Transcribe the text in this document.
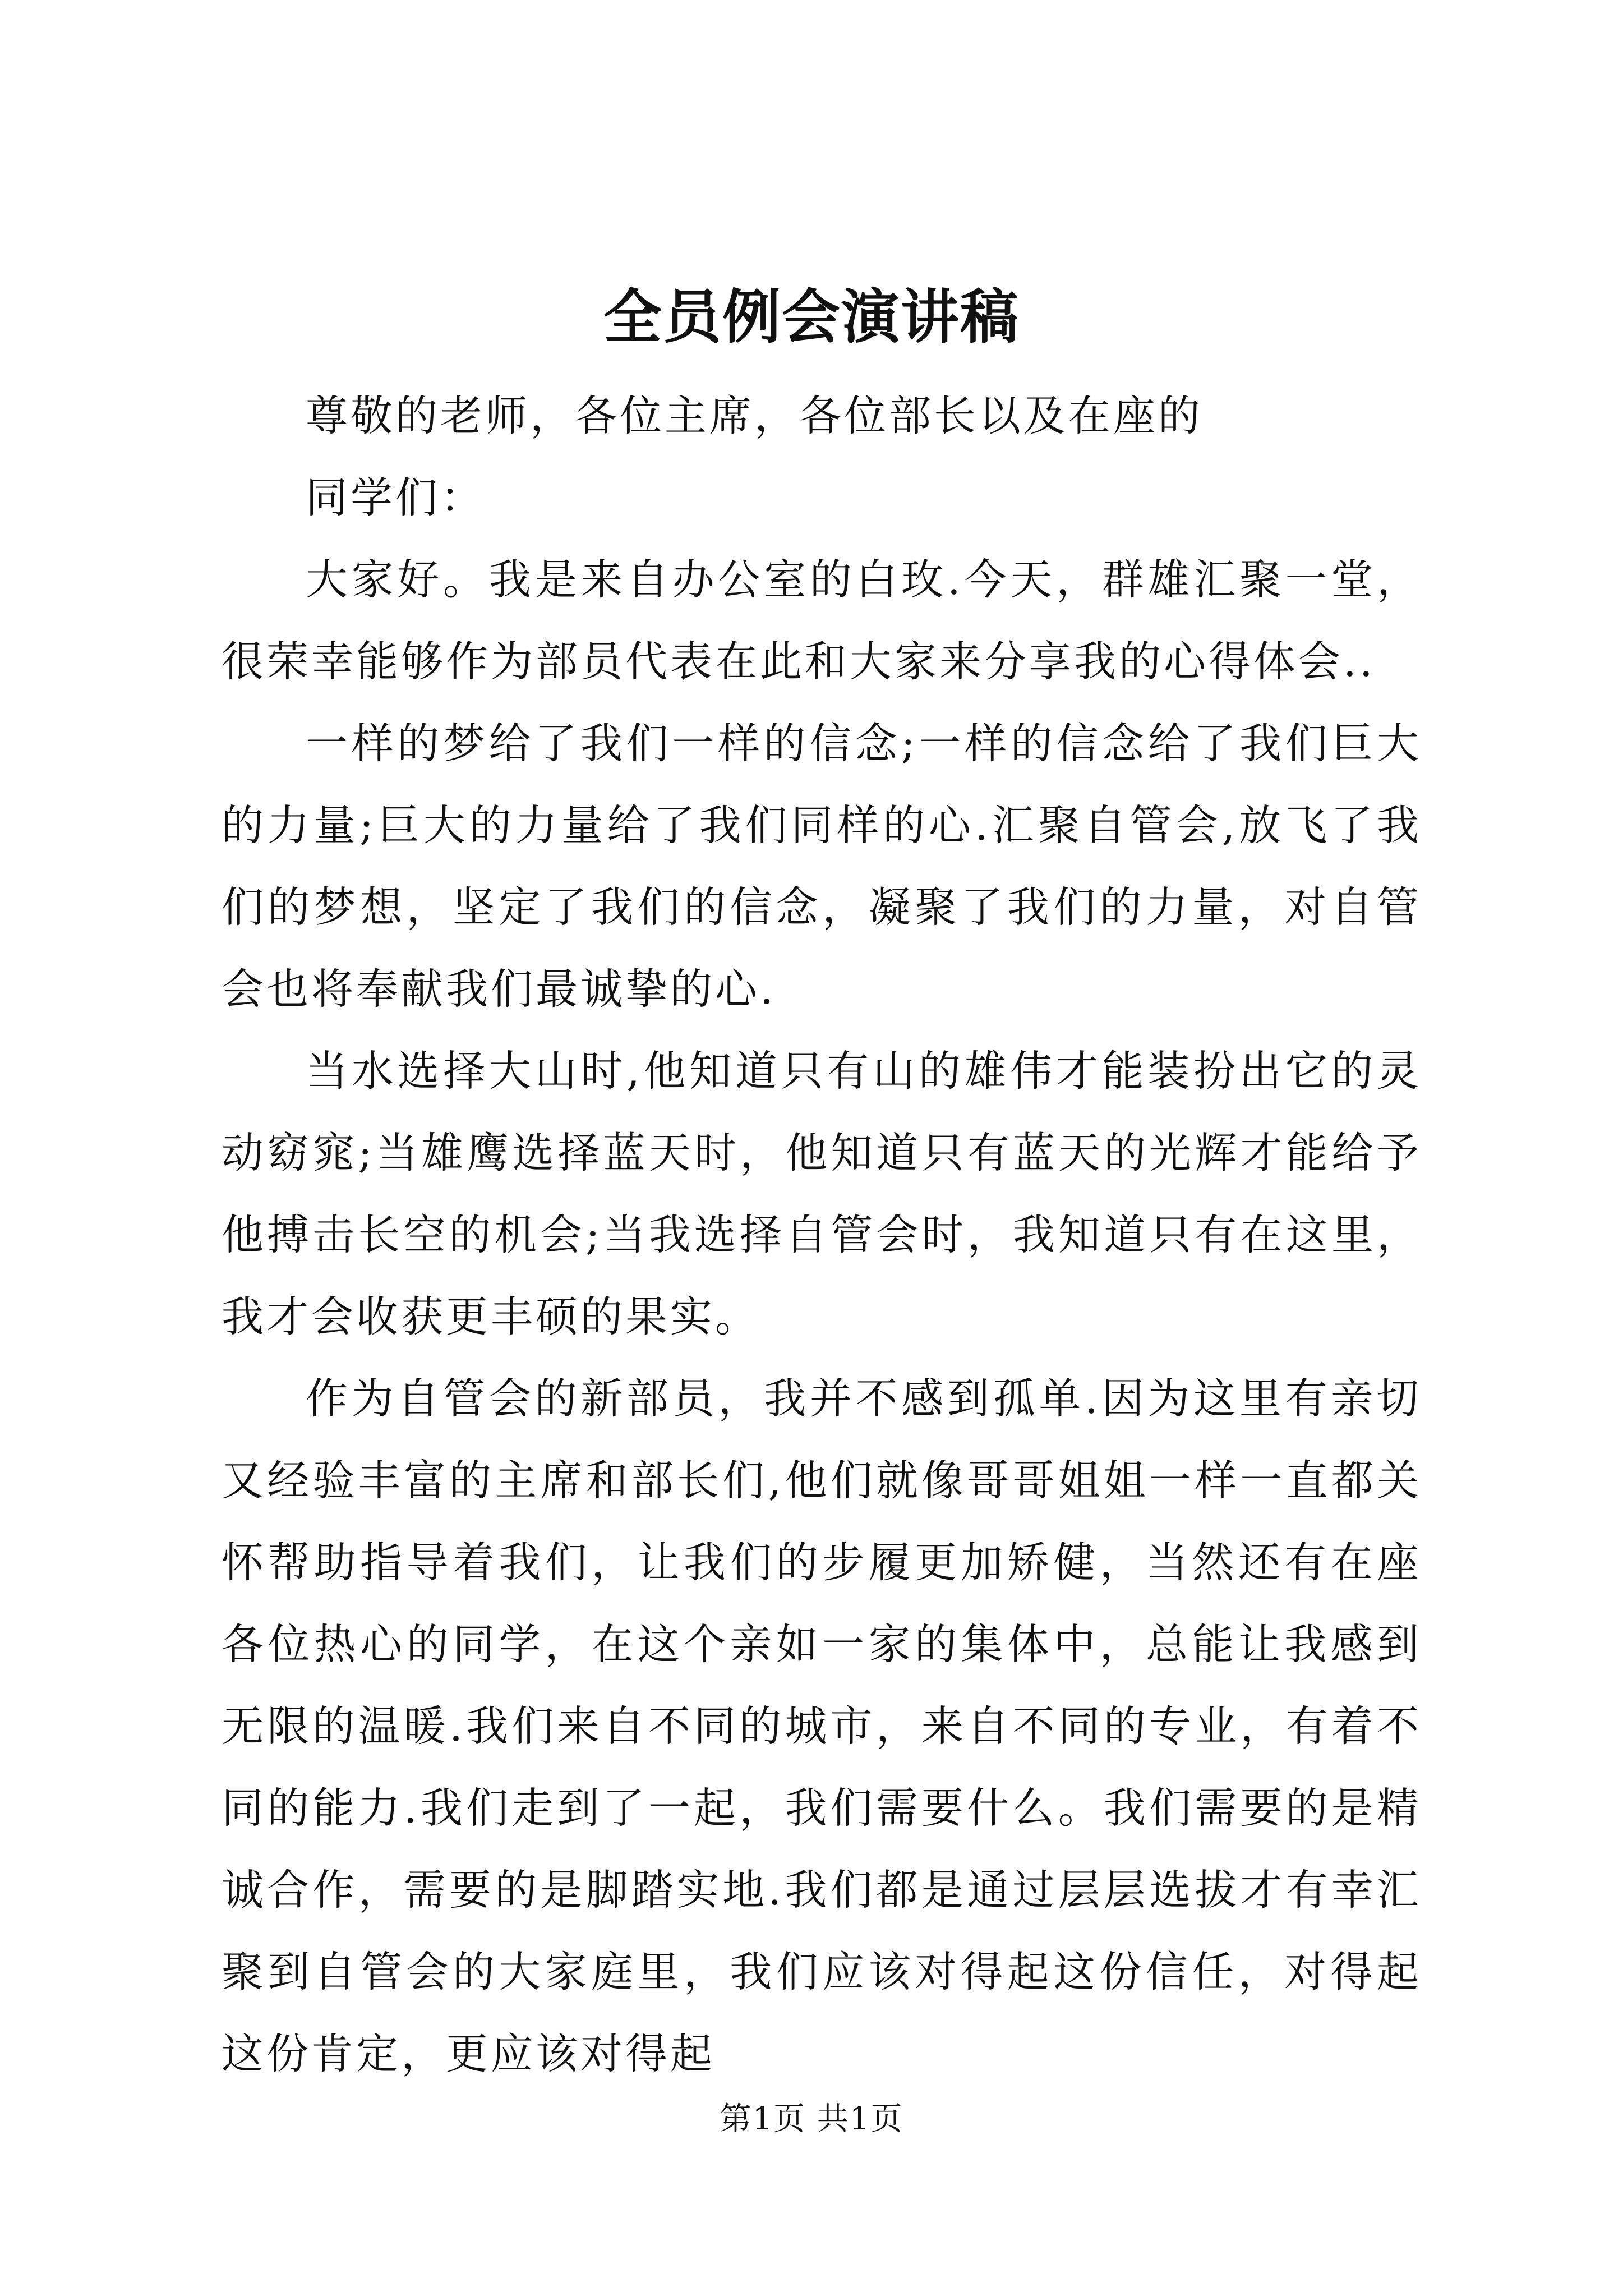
全员例会演讲稿

尊敬的老师，各位主席，各位部长以及在座的

同学们：

大家好。我是来自办公室的白玫.今天，群雄汇聚一堂，很荣幸能够作为部员代表在此和大家来分享我的心得体会..

一样的梦给了我们一样的信念;一样的信念给了我们巨大的力量;巨大的力量给了我们同样的心.汇聚自管会,放飞了我们的梦想，坚定了我们的信念，凝聚了我们的力量，对自管会也将奉献我们最诚挚的心.

当水选择大山时,他知道只有山的雄伟才能装扮出它的灵动窈窕;当雄鹰选择蓝天时，他知道只有蓝天的光辉才能给予他搏击长空的机会;当我选择自管会时，我知道只有在这里，我才会收获更丰硕的果实。

作为自管会的新部员，我并不感到孤单.因为这里有亲切又经验丰富的主席和部长们,他们就像哥哥姐姐一样一直都关怀帮助指导着我们，让我们的步履更加矫健，当然还有在座各位热心的同学，在这个亲如一家的集体中，总能让我感到无限的温暖.我们来自不同的城市，来自不同的专业，有着不同的能力.我们走到了一起，我们需要什么。我们需要的是精诚合作，需要的是脚踏实地.我们都是通过层层选拔才有幸汇聚到自管会的大家庭里，我们应该对得起这份信任，对得起这份肯定，更应该对得起

第1页 共1页
